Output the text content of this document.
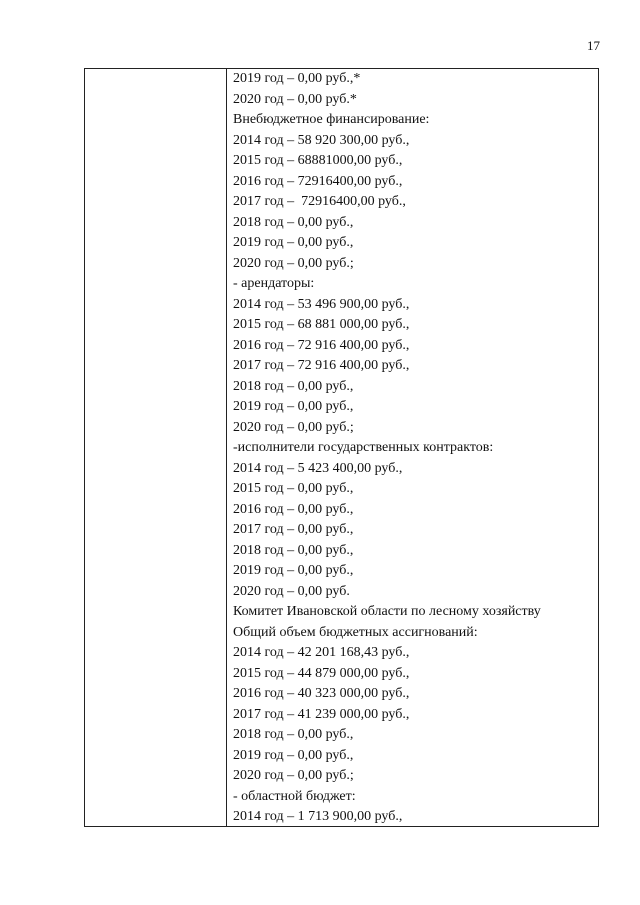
17
2019 год – 0,00 руб.,*
2020 год – 0,00 руб.*
Внебюджетное финансирование:
2014 год – 58 920 300,00 руб.,
2015 год – 68881000,00 руб.,
2016 год – 72916400,00 руб.,
2017 год –  72916400,00 руб.,
2018 год – 0,00 руб.,
2019 год – 0,00 руб.,
2020 год – 0,00 руб.;
- арендаторы:
2014 год – 53 496 900,00 руб.,
2015 год – 68 881 000,00 руб.,
2016 год – 72 916 400,00 руб.,
2017 год – 72 916 400,00 руб.,
2018 год – 0,00 руб.,
2019 год – 0,00 руб.,
2020 год – 0,00 руб.;
-исполнители государственных контрактов:
2014 год – 5 423 400,00 руб.,
2015 год – 0,00 руб.,
2016 год – 0,00 руб.,
2017 год – 0,00 руб.,
2018 год – 0,00 руб.,
2019 год – 0,00 руб.,
2020 год – 0,00 руб.
Комитет Ивановской области по лесному хозяйству
Общий объем бюджетных ассигнований:
2014 год – 42 201 168,43 руб.,
2015 год – 44 879 000,00 руб.,
2016 год – 40 323 000,00 руб.,
2017 год – 41 239 000,00 руб.,
2018 год – 0,00 руб.,
2019 год – 0,00 руб.,
2020 год – 0,00 руб.;
- областной бюджет:
2014 год – 1 713 900,00 руб.,
